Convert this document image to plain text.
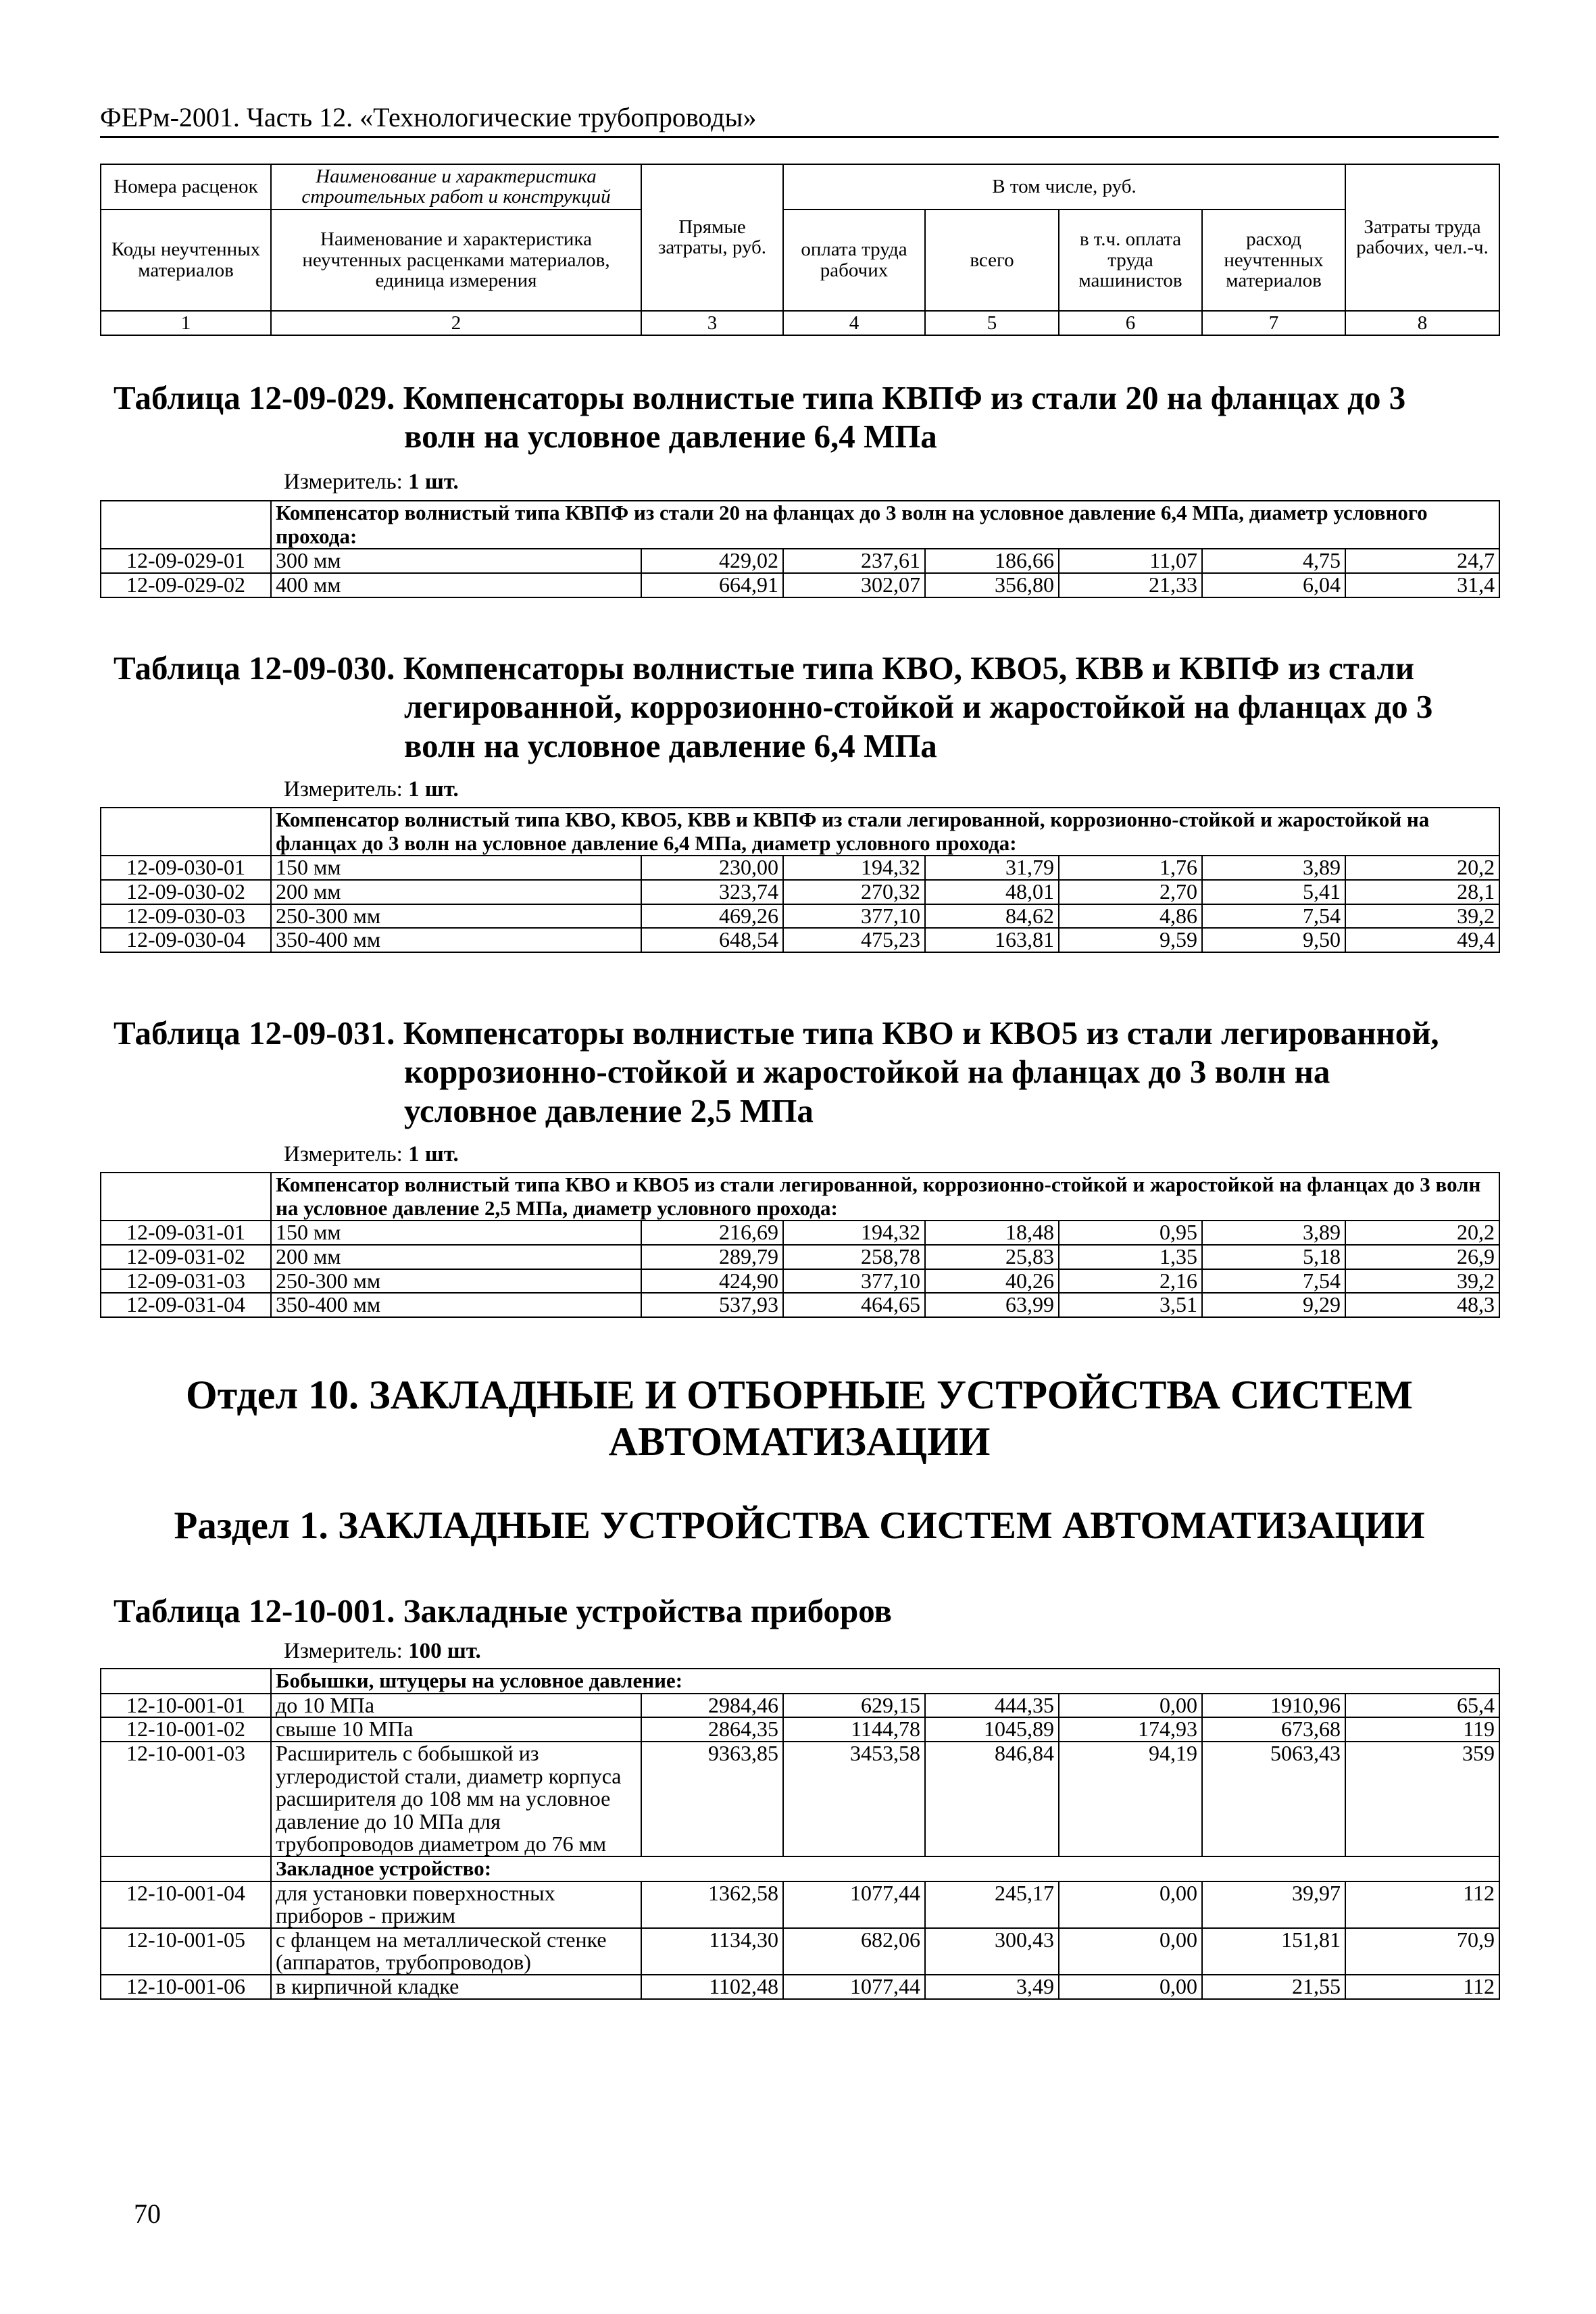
ФЕРм-2001. Часть 12. «Технологические трубопроводы»
Номера расценок	Наименование и характеристика строительных работ и конструкций	Прямые затраты, руб.	В том числе, руб.				Затраты труда рабочих, чел.-ч.
Коды неучтенных материалов	Наименование и характеристика неучтенных расценками материалов, единица измерения		оплата труда рабочих	всего	в т.ч. оплата труда машинистов	расход неучтенных материалов	
1	2	3	4	5	6	7	8
Таблица 12-09-029. Компенсаторы волнистые типа КВПФ из стали 20 на фланцах до 3
волн на условное давление 6,4 МПа
Измеритель: 1 шт.
	Компенсатор волнистый типа КВПФ из стали 20 на фланцах до 3 волн на условное давление 6,4 МПа, диаметр условного прохода:						
12-09-029-01	300 мм	429,02	237,61	186,66	11,07	4,75	24,7
12-09-029-02	400 мм	664,91	302,07	356,80	21,33	6,04	31,4
Таблица 12-09-030. Компенсаторы волнистые типа КВО, КВО5, КВВ и КВПФ из стали
легированной, коррозионно-стойкой и жаростойкой на фланцах до 3
волн на условное давление 6,4 МПа
Измеритель: 1 шт.
	Компенсатор волнистый типа КВО, КВО5, КВВ и КВПФ из стали легированной, коррозионно-стойкой и жаростойкой на фланцах до 3 волн на условное давление 6,4 МПа, диаметр условного прохода:						
12-09-030-01	150 мм	230,00	194,32	31,79	1,76	3,89	20,2
12-09-030-02	200 мм	323,74	270,32	48,01	2,70	5,41	28,1
12-09-030-03	250-300 мм	469,26	377,10	84,62	4,86	7,54	39,2
12-09-030-04	350-400 мм	648,54	475,23	163,81	9,59	9,50	49,4
Таблица 12-09-031. Компенсаторы волнистые типа КВО и КВО5 из стали легированной,
коррозионно-стойкой и жаростойкой на фланцах до 3 волн на
условное давление 2,5 МПа
Измеритель: 1 шт.
	Компенсатор волнистый типа КВО и КВО5 из стали легированной, коррозионно-стойкой и жаростойкой на фланцах до 3 волн на условное давление 2,5 МПа, диаметр условного прохода:						
12-09-031-01	150 мм	216,69	194,32	18,48	0,95	3,89	20,2
12-09-031-02	200 мм	289,79	258,78	25,83	1,35	5,18	26,9
12-09-031-03	250-300 мм	424,90	377,10	40,26	2,16	7,54	39,2
12-09-031-04	350-400 мм	537,93	464,65	63,99	3,51	9,29	48,3
Отдел 10. ЗАКЛАДНЫЕ И ОТБОРНЫЕ УСТРОЙСТВА СИСТЕМ
АВТОМАТИЗАЦИИ
Раздел 1. ЗАКЛАДНЫЕ УСТРОЙСТВА СИСТЕМ АВТОМАТИЗАЦИИ
Таблица 12-10-001. Закладные устройства приборов
Измеритель: 100 шт.
	Бобышки, штуцеры на условное давление:						
12-10-001-01	до 10 МПа	2984,46	629,15	444,35	0,00	1910,96	65,4
12-10-001-02	свыше 10 МПа	2864,35	1144,78	1045,89	174,93	673,68	119
12-10-001-03	Расширитель с бобышкой из углеродистой стали, диаметр корпуса расширителя до 108 мм на условное давление до 10 МПа для трубопроводов диаметром до 76 мм	9363,85	3453,58	846,84	94,19	5063,43	359
	Закладное устройство:						
12-10-001-04	для установки поверхностных приборов - прижим	1362,58	1077,44	245,17	0,00	39,97	112
12-10-001-05	с фланцем на металлической стенке (аппаратов, трубопроводов)	1134,30	682,06	300,43	0,00	151,81	70,9
12-10-001-06	в кирпичной кладке	1102,48	1077,44	3,49	0,00	21,55	112
70
